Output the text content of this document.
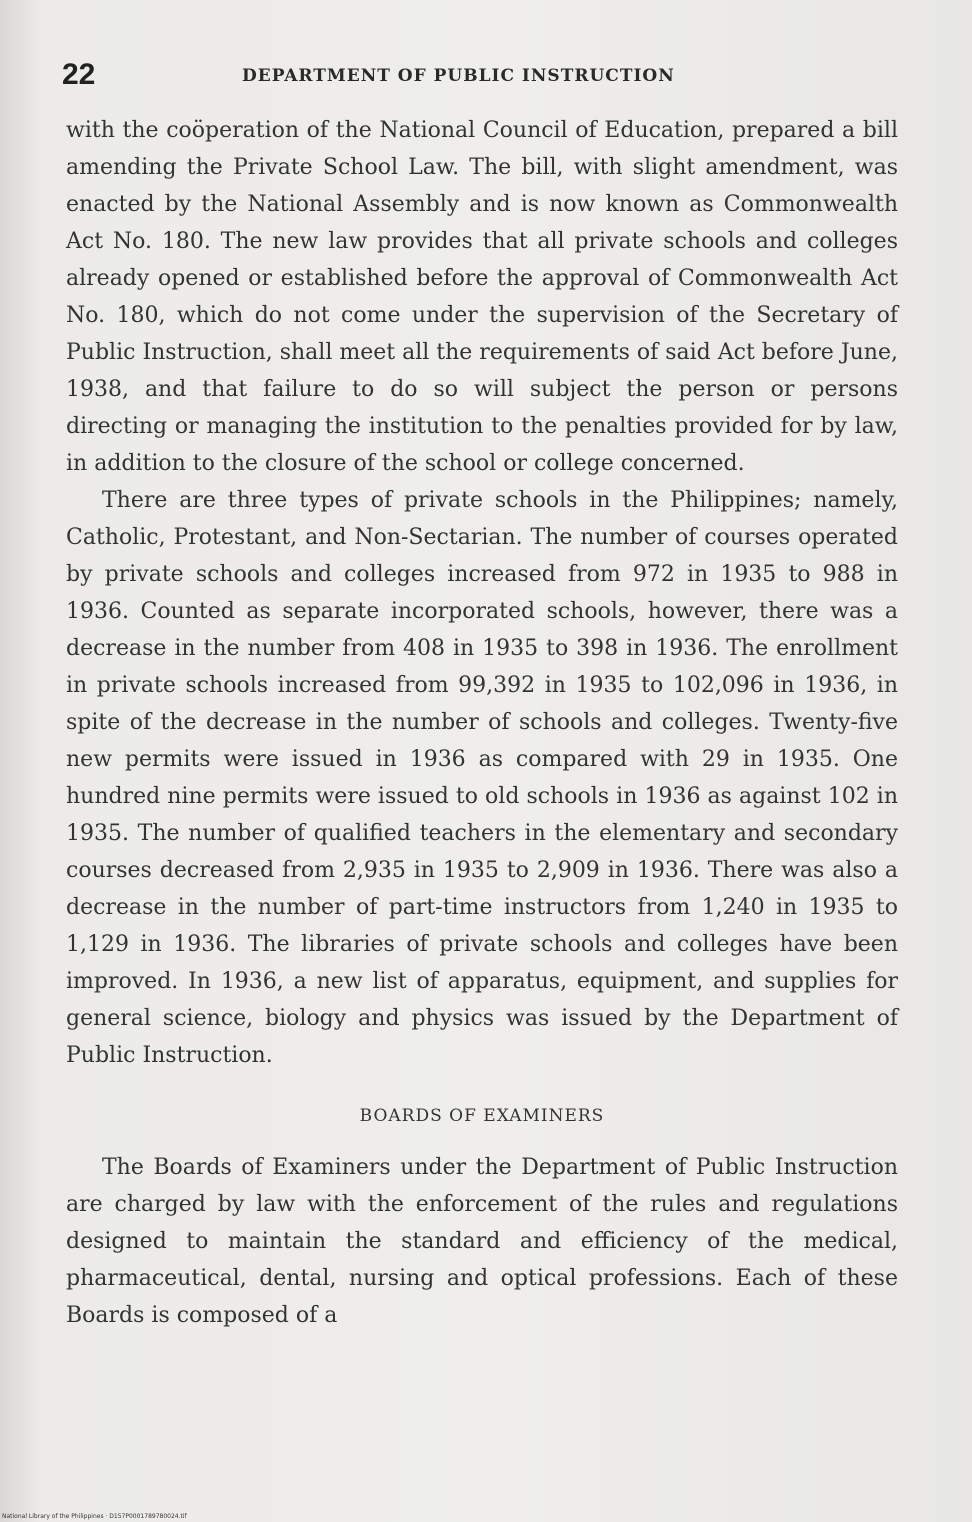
22	DEPARTMENT OF PUBLIC INSTRUCTION

with the coöperation of the National Council of Education, prepared a bill amending the Private School Law. The bill, with slight amendment, was enacted by the National Assembly and is now known as Commonwealth Act No. 180. The new law provides that all private schools and colleges already opened or established before the approval of Commonwealth Act No. 180, which do not come under the supervision of the Secretary of Public Instruction, shall meet all the requirements of said Act before June, 1938, and that failure to do so will subject the person or persons directing or managing the institution to the penalties provided for by law, in addition to the closure of the school or college concerned.

There are three types of private schools in the Philippines; namely, Catholic, Protestant, and Non-Sectarian. The number of courses operated by private schools and colleges increased from 972 in 1935 to 988 in 1936. Counted as separate incorporated schools, however, there was a decrease in the number from 408 in 1935 to 398 in 1936. The enrollment in private schools increased from 99,392 in 1935 to 102,096 in 1936, in spite of the decrease in the number of schools and colleges. Twenty-five new permits were issued in 1936 as compared with 29 in 1935. One hundred nine permits were issued to old schools in 1936 as against 102 in 1935. The number of qualified teachers in the elementary and secondary courses decreased from 2,935 in 1935 to 2,909 in 1936. There was also a decrease in the number of part-time instructors from 1,240 in 1935 to 1,129 in 1936. The libraries of private schools and colleges have been improved. In 1936, a new list of apparatus, equipment, and supplies for general science, biology and physics was issued by the Department of Public Instruction.

BOARDS OF EXAMINERS

The Boards of Examiners under the Department of Public Instruction are charged by law with the enforcement of the rules and regulations designed to maintain the standard and efficiency of the medical, pharmaceutical, dental, nursing and optical professions. Each of these Boards is composed of a

National Library of the Philippines · D157P0001789780024.tif
